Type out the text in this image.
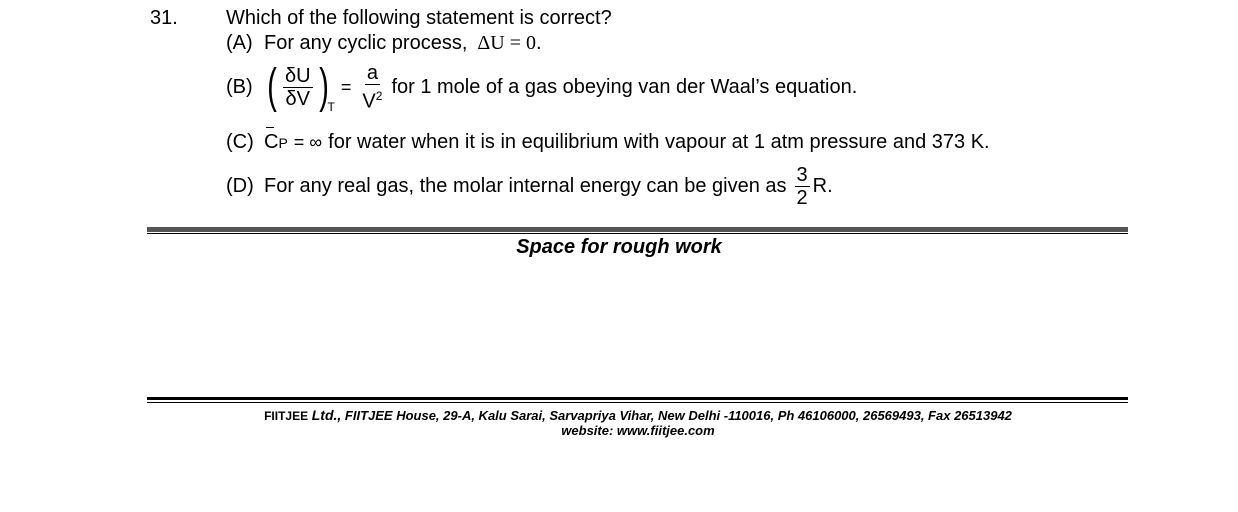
31. Which of the following statement is correct?
(A) For any cyclic process, ΔU = 0 .
(B) ( $\frac{\delta U}{\delta V}$ ) T
= $\frac{a}{V^2}$ for 1 mole of a gas obeying van der Waal’s equation.
(C) CP = ∞ for water when it is in equilibrium with vapour at 1 atm pressure and 373 K.
(D) For any real gas, the molar internal energy can be given as $\frac{3}{2}$ R .
Space for rough work
FIITJEE Ltd., FIITJEE House, 29-A, Kalu Sarai, Sarvapriya Vihar, New Delhi -110016, Ph 46106000, 26569493, Fax 26513942
website: www.fiitjee.com
